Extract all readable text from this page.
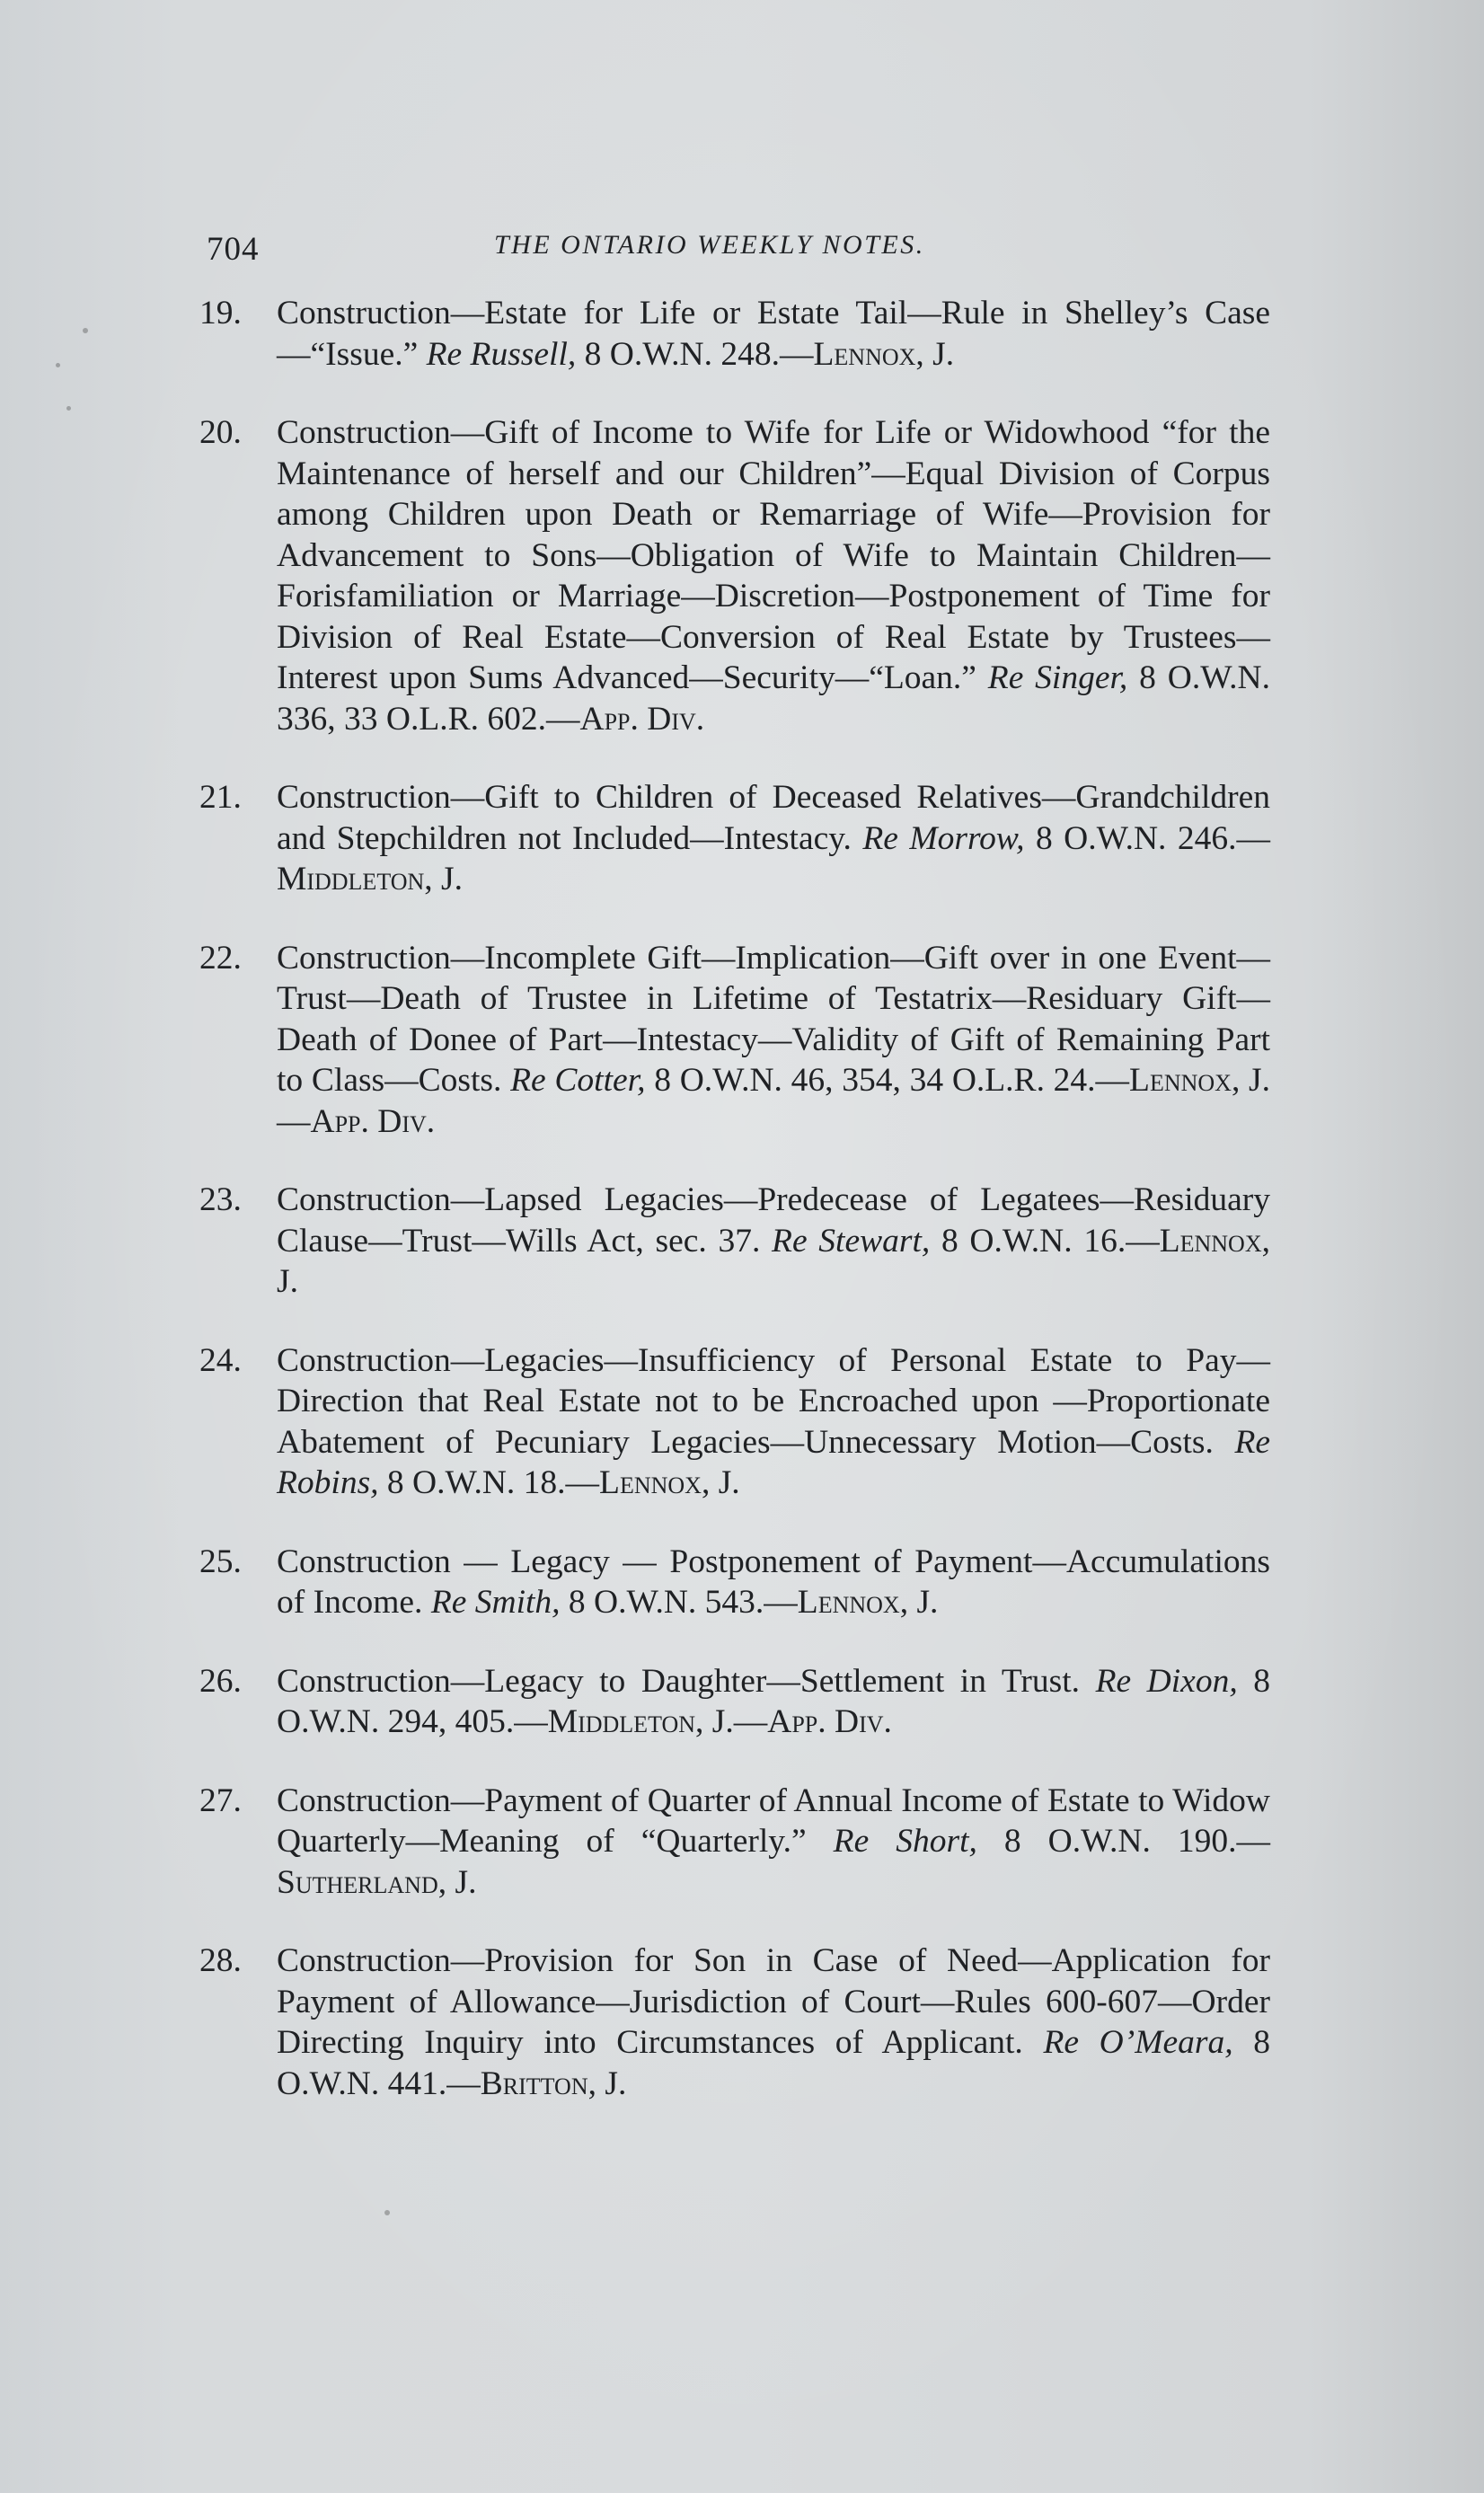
704	THE ONTARIO WEEKLY NOTES.
19. Construction—Estate for Life or Estate Tail—Rule in Shelley’s Case—“Issue.” Re Russell, 8 O.W.N. 248.—Lennox, J.
20. Construction—Gift of Income to Wife for Life or Widowhood “for the Maintenance of herself and our Children”—Equal Division of Corpus among Children upon Death or Remarriage of Wife—Provision for Advancement to Sons—Obligation of Wife to Maintain Children—Forisfamiliation or Marriage—Discretion—Postponement of Time for Division of Real Estate—Conversion of Real Estate by Trustees—Interest upon Sums Advanced—Security—“Loan.” Re Singer, 8 O.W.N. 336, 33 O.L.R. 602.—App. Div.
21. Construction—Gift to Children of Deceased Relatives—Grandchildren and Stepchildren not Included—Intestacy. Re Morrow, 8 O.W.N. 246.—Middleton, J.
22. Construction—Incomplete Gift—Implication—Gift over in one Event—Trust—Death of Trustee in Lifetime of Testatrix—Residuary Gift—Death of Donee of Part—Intestacy—Validity of Gift of Remaining Part to Class—Costs. Re Cotter, 8 O.W.N. 46, 354, 34 O.L.R. 24.—Lennox, J.—App. Div.
23. Construction—Lapsed Legacies—Predecease of Legatees—Residuary Clause—Trust—Wills Act, sec. 37. Re Stewart, 8 O.W.N. 16.—Lennox, J.
24. Construction—Legacies—Insufficiency of Personal Estate to Pay—Direction that Real Estate not to be Encroached upon —Proportionate Abatement of Pecuniary Legacies—Unnecessary Motion—Costs. Re Robins, 8 O.W.N. 18.—Lennox, J.
25. Construction — Legacy — Postponement of Payment—Accumulations of Income. Re Smith, 8 O.W.N. 543.—Lennox, J.
26. Construction—Legacy to Daughter—Settlement in Trust. Re Dixon, 8 O.W.N. 294, 405.—Middleton, J.—App. Div.
27. Construction—Payment of Quarter of Annual Income of Estate to Widow Quarterly—Meaning of “Quarterly.” Re Short, 8 O.W.N. 190.—Sutherland, J.
28. Construction—Provision for Son in Case of Need—Application for Payment of Allowance—Jurisdiction of Court—Rules 600-607—Order Directing Inquiry into Circumstances of Applicant. Re O’Meara, 8 O.W.N. 441.—Britton, J.
